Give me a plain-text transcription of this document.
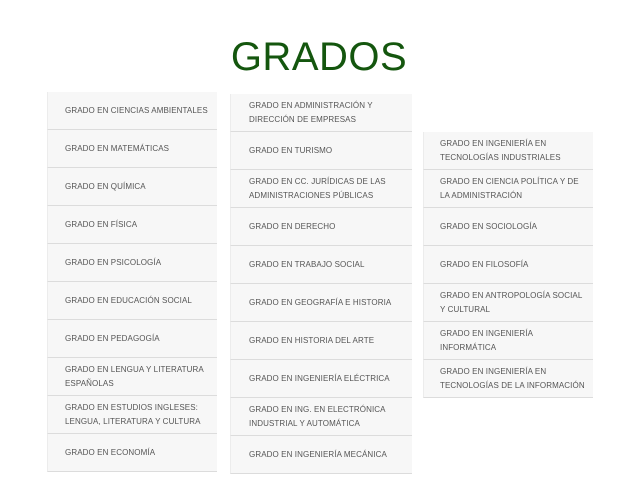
GRADOS
GRADO EN CIENCIAS AMBIENTALES
GRADO EN MATEMÁTICAS
GRADO EN QUÍMICA
GRADO EN FÍSICA
GRADO EN PSICOLOGÍA
GRADO EN EDUCACIÓN SOCIAL
GRADO EN PEDAGOGÍA
GRADO EN LENGUA Y LITERATURA ESPAÑOLAS
GRADO EN ESTUDIOS INGLESES: LENGUA, LITERATURA Y CULTURA
GRADO EN ECONOMÍA
GRADO EN ADMINISTRACIÓN Y DIRECCIÓN DE EMPRESAS
GRADO EN TURISMO
GRADO EN CC. JURÍDICAS DE LAS ADMINISTRACIONES PÚBLICAS
GRADO EN DERECHO
GRADO EN TRABAJO SOCIAL
GRADO EN GEOGRAFÍA E HISTORIA
GRADO EN HISTORIA DEL ARTE
GRADO EN INGENIERÍA ELÉCTRICA
GRADO EN ING. EN ELECTRÓNICA INDUSTRIAL Y AUTOMÁTICA
GRADO EN INGENIERÍA MECÁNICA
GRADO EN INGENIERÍA EN TECNOLOGÍAS INDUSTRIALES
GRADO EN CIENCIA POLÍTICA Y DE LA ADMINISTRACIÓN
GRADO EN SOCIOLOGÍA
GRADO EN FILOSOFÍA
GRADO EN ANTROPOLOGÍA SOCIAL Y CULTURAL
GRADO EN INGENIERÍA INFORMÁTICA
GRADO EN INGENIERÍA EN TECNOLOGÍAS DE LA INFORMACIÓN
